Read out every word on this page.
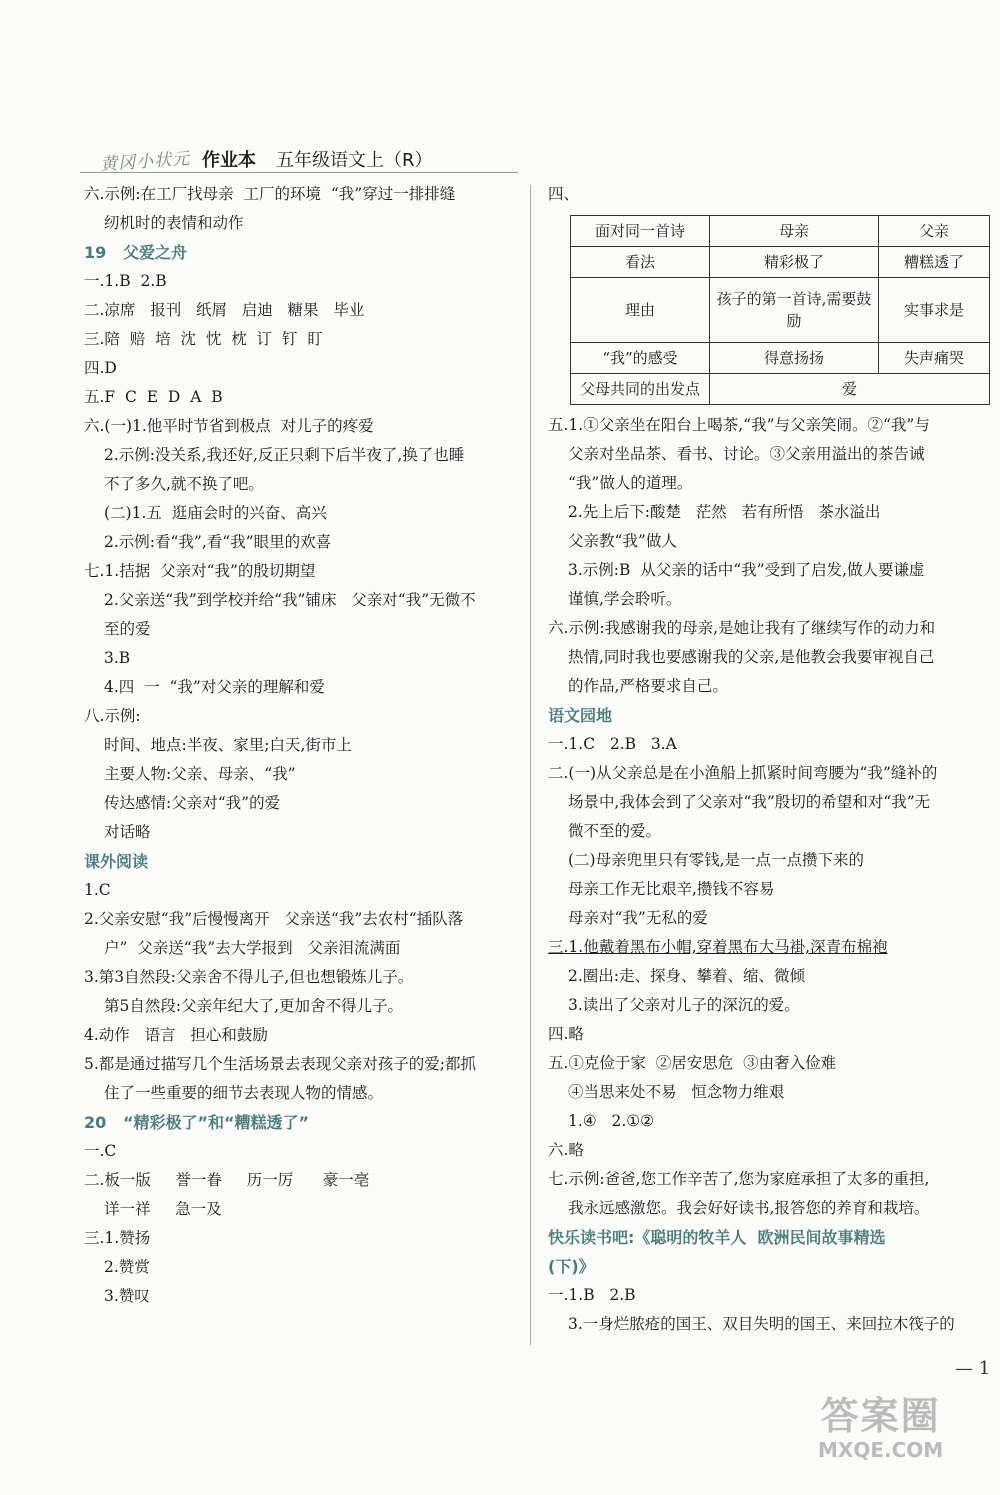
黄冈小状元 作业本 五年级语文上（R）
六.示例:在工厂找母亲  工厂的环境  “我”穿过一排排缝
纫机时的表情和动作
19   父爱之舟
一.1.B  2.B
二.凉席   报刊   纸屑   启迪   糖果   毕业
三.陪  赔  培  沈  忱  枕  订  钉  盯
四.D
五.F  C  E  D  A  B
六.(一)1.他平时节省到极点  对儿子的疼爱
2.示例:没关系,我还好,反正只剩下后半夜了,换了也睡
不了多久,就不换了吧。
(二)1.五  逛庙会时的兴奋、高兴
2.示例:看“我”,看“我”眼里的欢喜
七.1.拮据  父亲对“我”的殷切期望
2.父亲送“我”到学校并给“我”铺床   父亲对“我”无微不
至的爱
3.B
4.四  一  “我”对父亲的理解和爱
八.示例:
时间、地点:半夜、家里;白天,街市上
主要人物:父亲、母亲、“我”
传达感情:父亲对“我”的爱
对话略
课外阅读
1.C
2.父亲安慰“我”后慢慢离开   父亲送“我”去农村“插队落
户”  父亲送“我”去大学报到   父亲泪流满面
3.第3自然段:父亲舍不得儿子,但也想锻炼儿子。
第5自然段:父亲年纪大了,更加舍不得儿子。
4.动作   语言   担心和鼓励
5.都是通过描写几个生活场景去表现父亲对孩子的爱;都抓
住了一些重要的细节去表现人物的情感。
20   “精彩极了”和“糟糕透了”
一.C
二.板一版     誉一眷     历一厉      豪一亳
详一祥     急一及
三.1.赞扬
2.赞赏
3.赞叹
四、
面对同一首诗	母亲	父亲
看法	精彩极了	糟糕透了
理由	孩子的第一首诗,需要鼓励	实事求是
“我”的感受	得意扬扬	失声痛哭
父母共同的出发点	爱	
五.1.①父亲坐在阳台上喝茶,“我”与父亲笑闹。②“我”与
父亲对坐品茶、看书、讨论。③父亲用溢出的茶告诫
“我”做人的道理。
2.先上后下:酸楚   茫然   若有所悟   茶水溢出
父亲教“我”做人
3.示例:B  从父亲的话中“我”受到了启发,做人要谦虚
谨慎,学会聆听。
六.示例:我感谢我的母亲,是她让我有了继续写作的动力和
热情,同时我也要感谢我的父亲,是他教会我要审视自己
的作品,严格要求自己。
语文园地
一.1.C   2.B   3.A
二.(一)从父亲总是在小渔船上抓紧时间弯腰为“我”缝补的
场景中,我体会到了父亲对“我”殷切的希望和对“我”无
微不至的爱。
(二)母亲兜里只有零钱,是一点一点攒下来的
母亲工作无比艰辛,攒钱不容易
母亲对“我”无私的爱
三.1.他戴着黑布小帽,穿着黑布大马褂,深青布棉袍
2.圈出:走、探身、攀着、缩、微倾
3.读出了父亲对儿子的深沉的爱。
四.略
五.①克俭于家  ②居安思危  ③由奢入俭难
④当思来处不易   恒念物力维艰
1.④   2.①②
六.略
七.示例:爸爸,您工作辛苦了,您为家庭承担了太多的重担,
我永远感激您。我会好好读书,报答您的养育和栽培。
快乐读书吧:《聪明的牧羊人  欧洲民间故事精选
(下)》
一.1.B   2.B
3.一身烂脓疮的国王、双目失明的国王、来回拉木筏子的
— 1
答案圈
MXQE.COM
